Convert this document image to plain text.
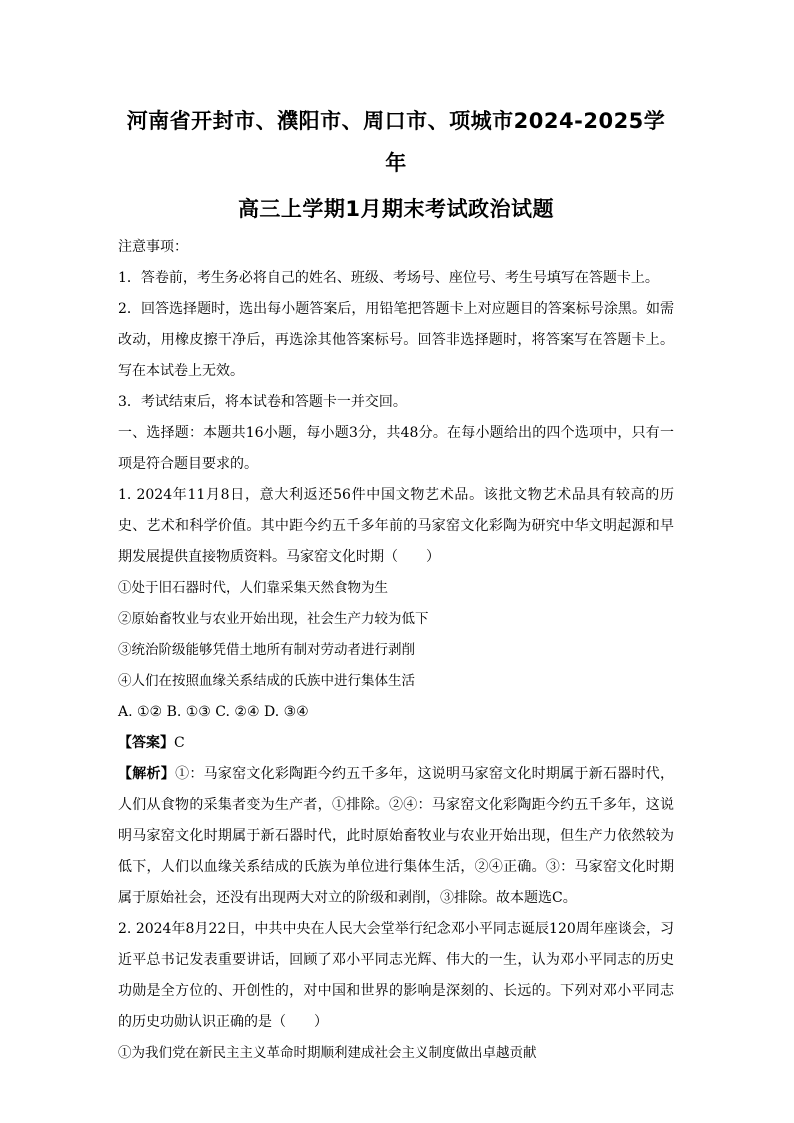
河南省开封市、濮阳市、周口市、项城市2024-2025学年
高三上学期1月期末考试政治试题

注意事项：

1．答卷前，考生务必将自己的姓名、班级、考场号、座位号、考生号填写在答题卡上。

2．回答选择题时，选出每小题答案后，用铅笔把答题卡上对应题目的答案标号涂黑。如需改动，用橡皮擦干净后，再选涂其他答案标号。回答非选择题时，将答案写在答题卡上。写在本试卷上无效。

3．考试结束后，将本试卷和答题卡一并交回。

一、选择题：本题共16小题，每小题3分，共48分。在每小题给出的四个选项中，只有一项是符合题目要求的。

1. 2024年11月8日，意大利返还56件中国文物艺术品。该批文物艺术品具有较高的历史、艺术和科学价值。其中距今约五千多年前的马家窑文化彩陶为研究中华文明起源和早期发展提供直接物质资料。马家窑文化时期（　　）

①处于旧石器时代，人们靠采集天然食物为生

②原始畜牧业与农业开始出现，社会生产力较为低下

③统治阶级能够凭借土地所有制对劳动者进行剥削

④人们在按照血缘关系结成的氏族中进行集体生活

A. ①② B. ①③ C. ②④ D. ③④

【答案】C

【解析】①：马家窑文化彩陶距今约五千多年，这说明马家窑文化时期属于新石器时代，人们从食物的采集者变为生产者，①排除。②④：马家窑文化彩陶距今约五千多年，这说明马家窑文化时期属于新石器时代，此时原始畜牧业与农业开始出现，但生产力依然较为低下，人们以血缘关系结成的氏族为单位进行集体生活，②④正确。③：马家窑文化时期属于原始社会，还没有出现两大对立的阶级和剥削，③排除。故本题选C。

2. 2024年8月22日，中共中央在人民大会堂举行纪念邓小平同志诞辰120周年座谈会，习近平总书记发表重要讲话，回顾了邓小平同志光辉、伟大的一生，认为邓小平同志的历史功勋是全方位的、开创性的，对中国和世界的影响是深刻的、长远的。下列对邓小平同志的历史功勋认识正确的是（　　）

①为我们党在新民主主义革命时期顺利建成社会主义制度做出卓越贡献
